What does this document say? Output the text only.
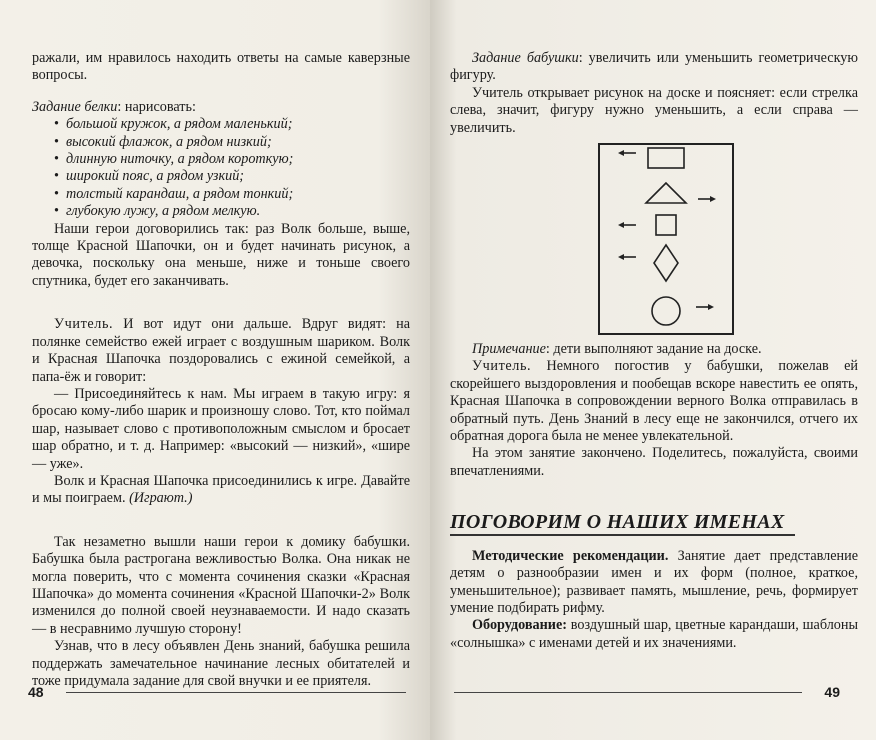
ражали, им нравилось находить ответы на самые каверзные вопросы.

Задание белки: нарисовать:

• большой кружок, а рядом маленький;
• высокий флажок, а рядом низкий;
• длинную ниточку, а рядом короткую;
• широкий пояс, а рядом узкий;
• толстый карандаш, а рядом тонкий;
• глубокую лужу, а рядом мелкую.

Наши герои договорились так: раз Волк больше, выше, толще Красной Шапочки, он и будет начинать рисунок, а девочка, поскольку она меньше, ниже и тоньше своего спутника, будет его заканчивать.

Учитель. И вот идут они дальше. Вдруг видят: на полянке семейство ежей играет с воздушным шариком. Волк и Красная Шапочка поздоровались с ежиной семейкой, а папа-ёж и говорит:

— Присоединяйтесь к нам. Мы играем в такую игру: я бросаю кому-либо шарик и произношу слово. Тот, кто поймал шар, называет слово с противоположным смыслом и бросает шар обратно, и т. д. Например: «высокий — низкий», «шире — уже».

Волк и Красная Шапочка присоединились к игре. Давайте и мы поиграем. (Играют.)

Так незаметно вышли наши герои к домику бабушки. Бабушка была растрогана вежливостью Волка. Она никак не могла поверить, что с момента сочинения сказки «Красная Шапочка» до момента сочинения «Красной Шапочки-2» Волк изменился до полной своей неузнаваемости. И надо сказать — в несравнимо лучшую сторону!

Узнав, что в лесу объявлен День знаний, бабушка решила поддержать замечательное начинание лесных обитателей и тоже придумала задание для свой внучки и ее приятеля.

48

Задание бабушки: увеличить или уменьшить геометрическую фигуру.

Учитель открывает рисунок на доске и поясняет: если стрелка слева, значит, фигуру нужно уменьшить, а если справа — увеличить.

Примечание: дети выполняют задание на доске.

Учитель. Немного погостив у бабушки, пожелав ей скорейшего выздоровления и пообещав вскоре навестить ее опять, Красная Шапочка в сопровождении верного Волка отправилась в обратный путь. День Знаний в лесу еще не закончился, отчего их обратная дорога была не менее увлекательной.

На этом занятие закончено. Поделитесь, пожалуйста, своими впечатлениями.

ПОГОВОРИМ О НАШИХ ИМЕНАХ

Методические рекомендации. Занятие дает представление детям о разнообразии имен и их форм (полное, краткое, уменьшительное); развивает память, мышление, речь, формирует умение подбирать рифму.

Оборудование: воздушный шар, цветные карандаши, шаблоны «солнышка» с именами детей и их значениями.

49
